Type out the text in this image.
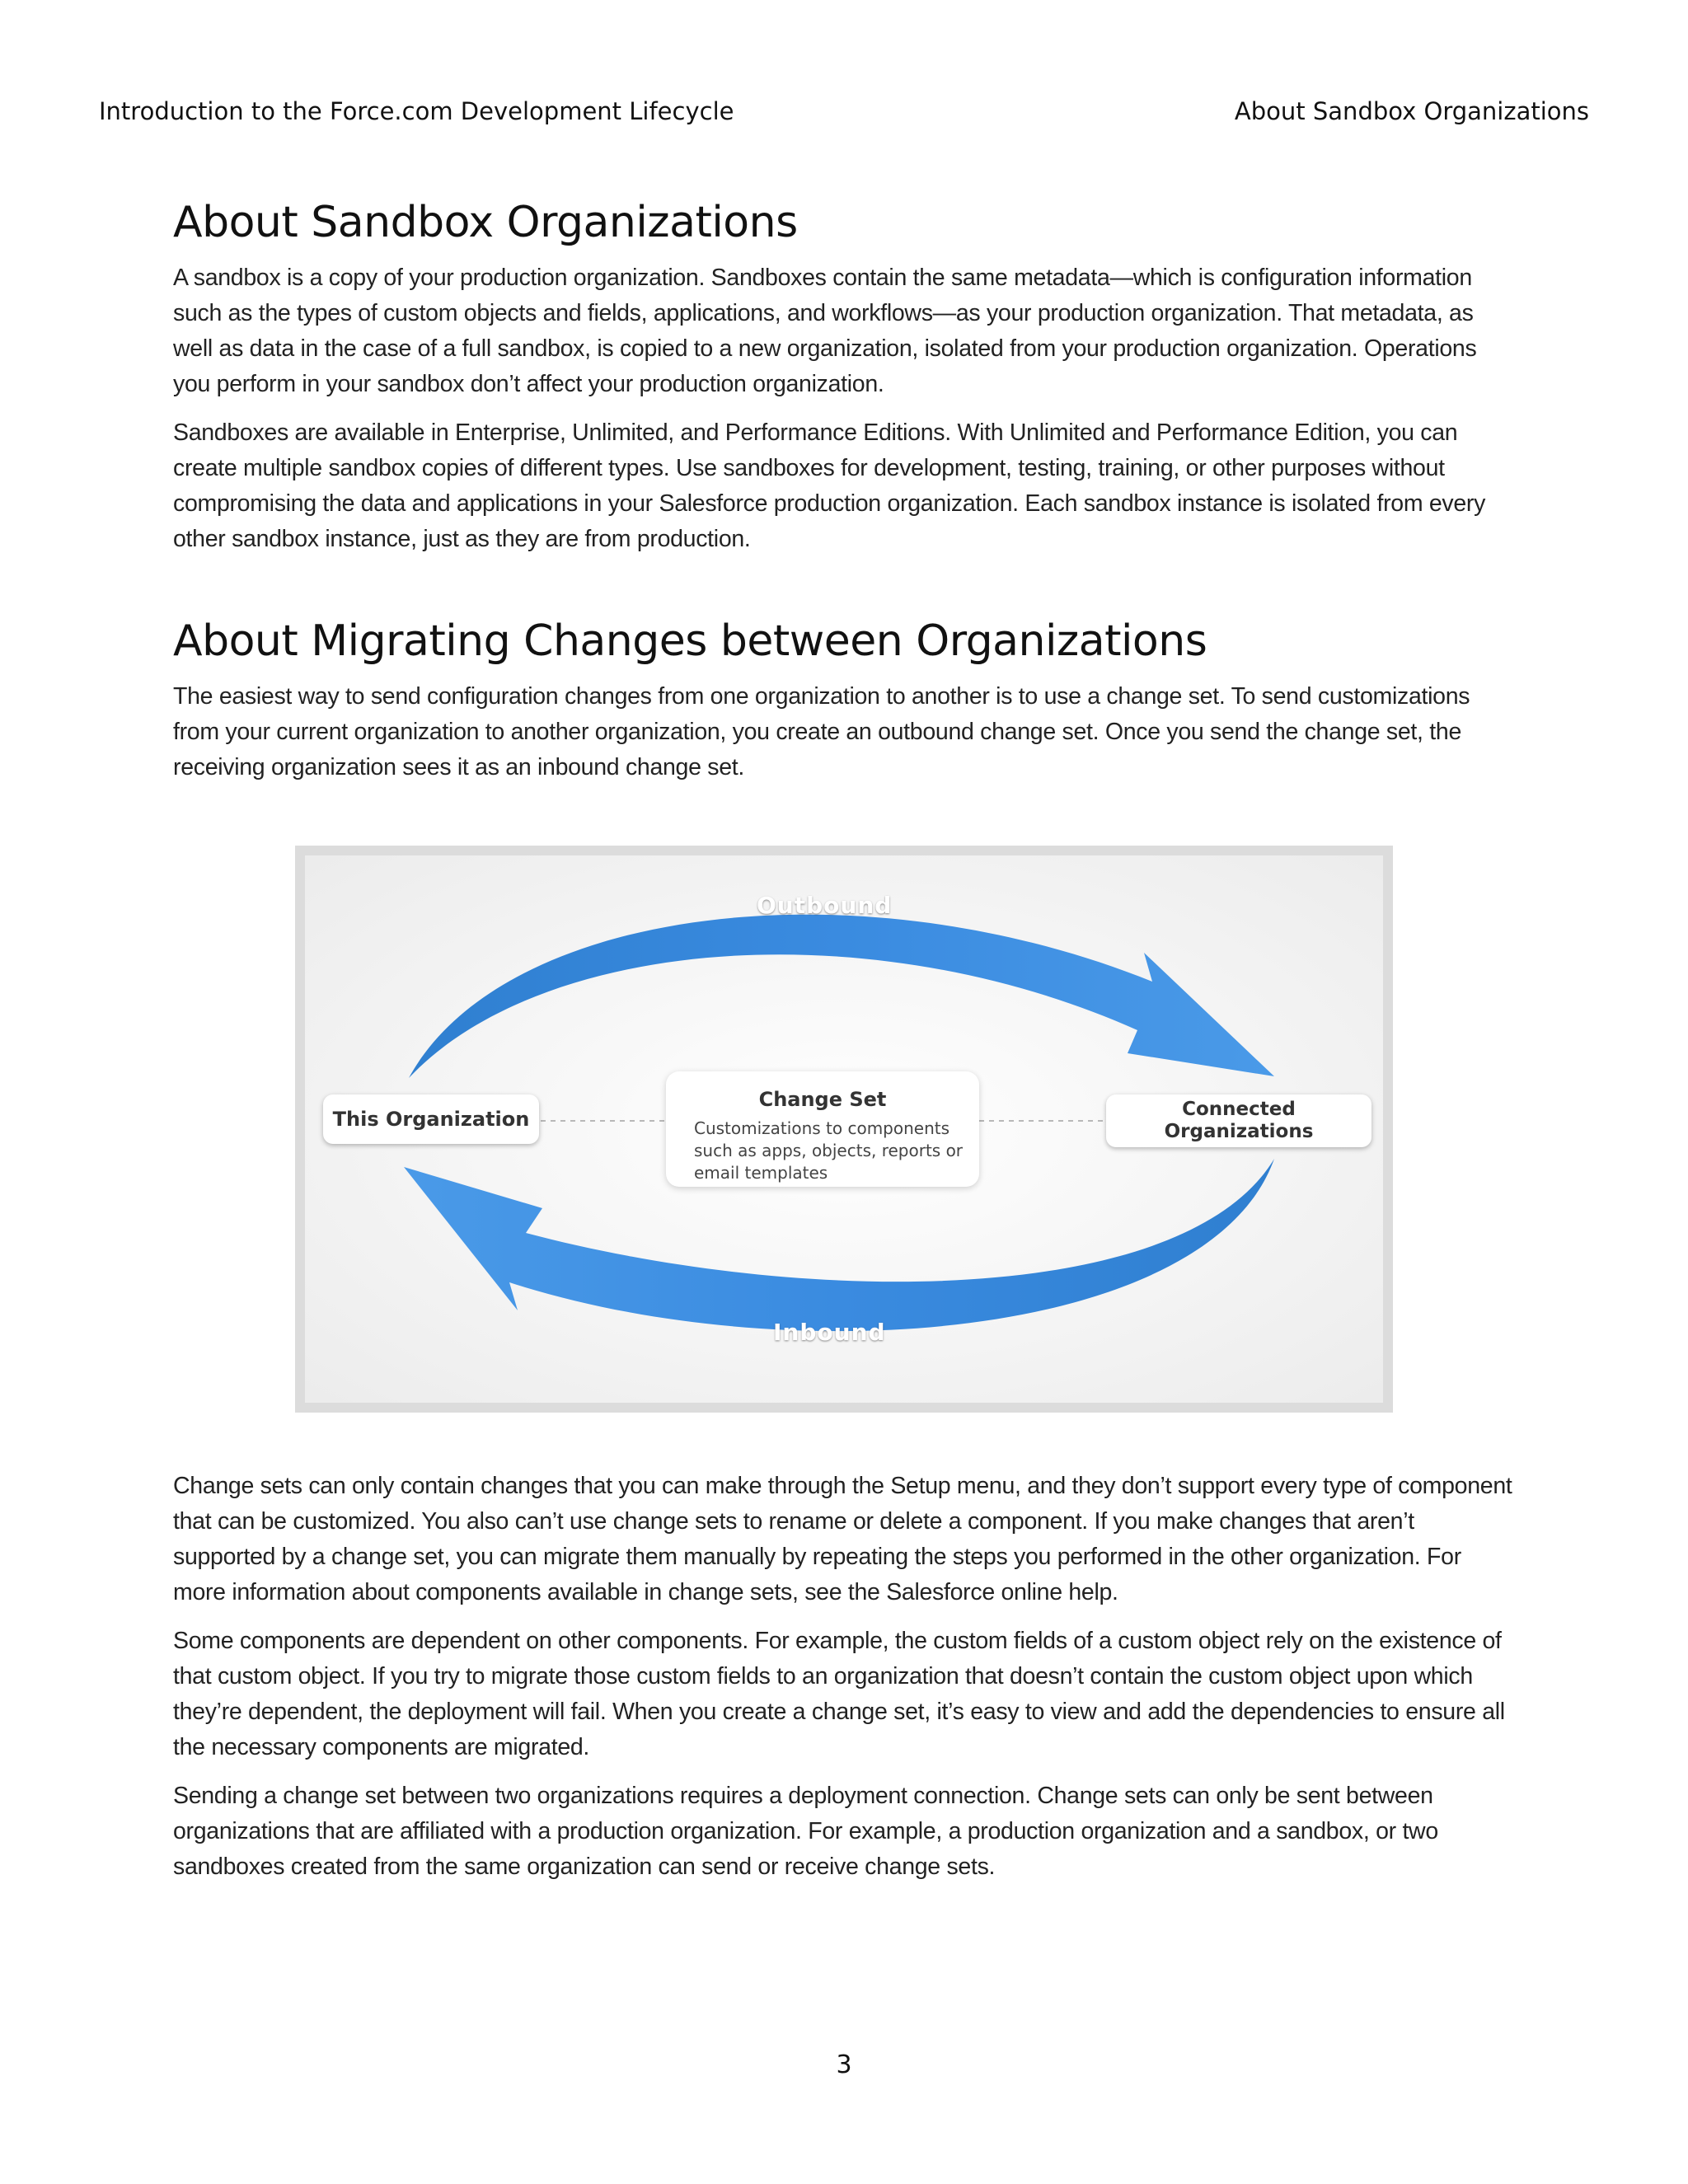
Introduction to the Force.com Development Lifecycle	About Sandbox Organizations
About Sandbox Organizations

A sandbox is a copy of your production organization. Sandboxes contain the same metadata—which is configuration information such as the types of custom objects and fields, applications, and workflows—as your production organization. That metadata, as well as data in the case of a full sandbox, is copied to a new organization, isolated from your production organization. Operations you perform in your sandbox don’t affect your production organization.

Sandboxes are available in Enterprise, Unlimited, and Performance Editions. With Unlimited and Performance Edition, you can create multiple sandbox copies of different types. Use sandboxes for development, testing, training, or other purposes without compromising the data and applications in your Salesforce production organization. Each sandbox instance is isolated from every other sandbox instance, just as they are from production.

About Migrating Changes between Organizations

The easiest way to send configuration changes from one organization to another is to use a change set. To send customizations from your current organization to another organization, you create an outbound change set. Once you send the change set, the receiving organization sees it as an inbound change set.

Outbound
Inbound
This Organization
Change Set
Customizations to components such as apps, objects, reports or email templates
Connected
Organizations

Change sets can only contain changes that you can make through the Setup menu, and they don’t support every type of component that can be customized. You also can’t use change sets to rename or delete a component. If you make changes that aren’t supported by a change set, you can migrate them manually by repeating the steps you performed in the other organization. For more information about components available in change sets, see the Salesforce online help.

Some components are dependent on other components. For example, the custom fields of a custom object rely on the existence of that custom object. If you try to migrate those custom fields to an organization that doesn’t contain the custom object upon which they’re dependent, the deployment will fail. When you create a change set, it’s easy to view and add the dependencies to ensure all the necessary components are migrated.

Sending a change set between two organizations requires a deployment connection. Change sets can only be sent between organizations that are affiliated with a production organization. For example, a production organization and a sandbox, or two sandboxes created from the same organization can send or receive change sets.

3
